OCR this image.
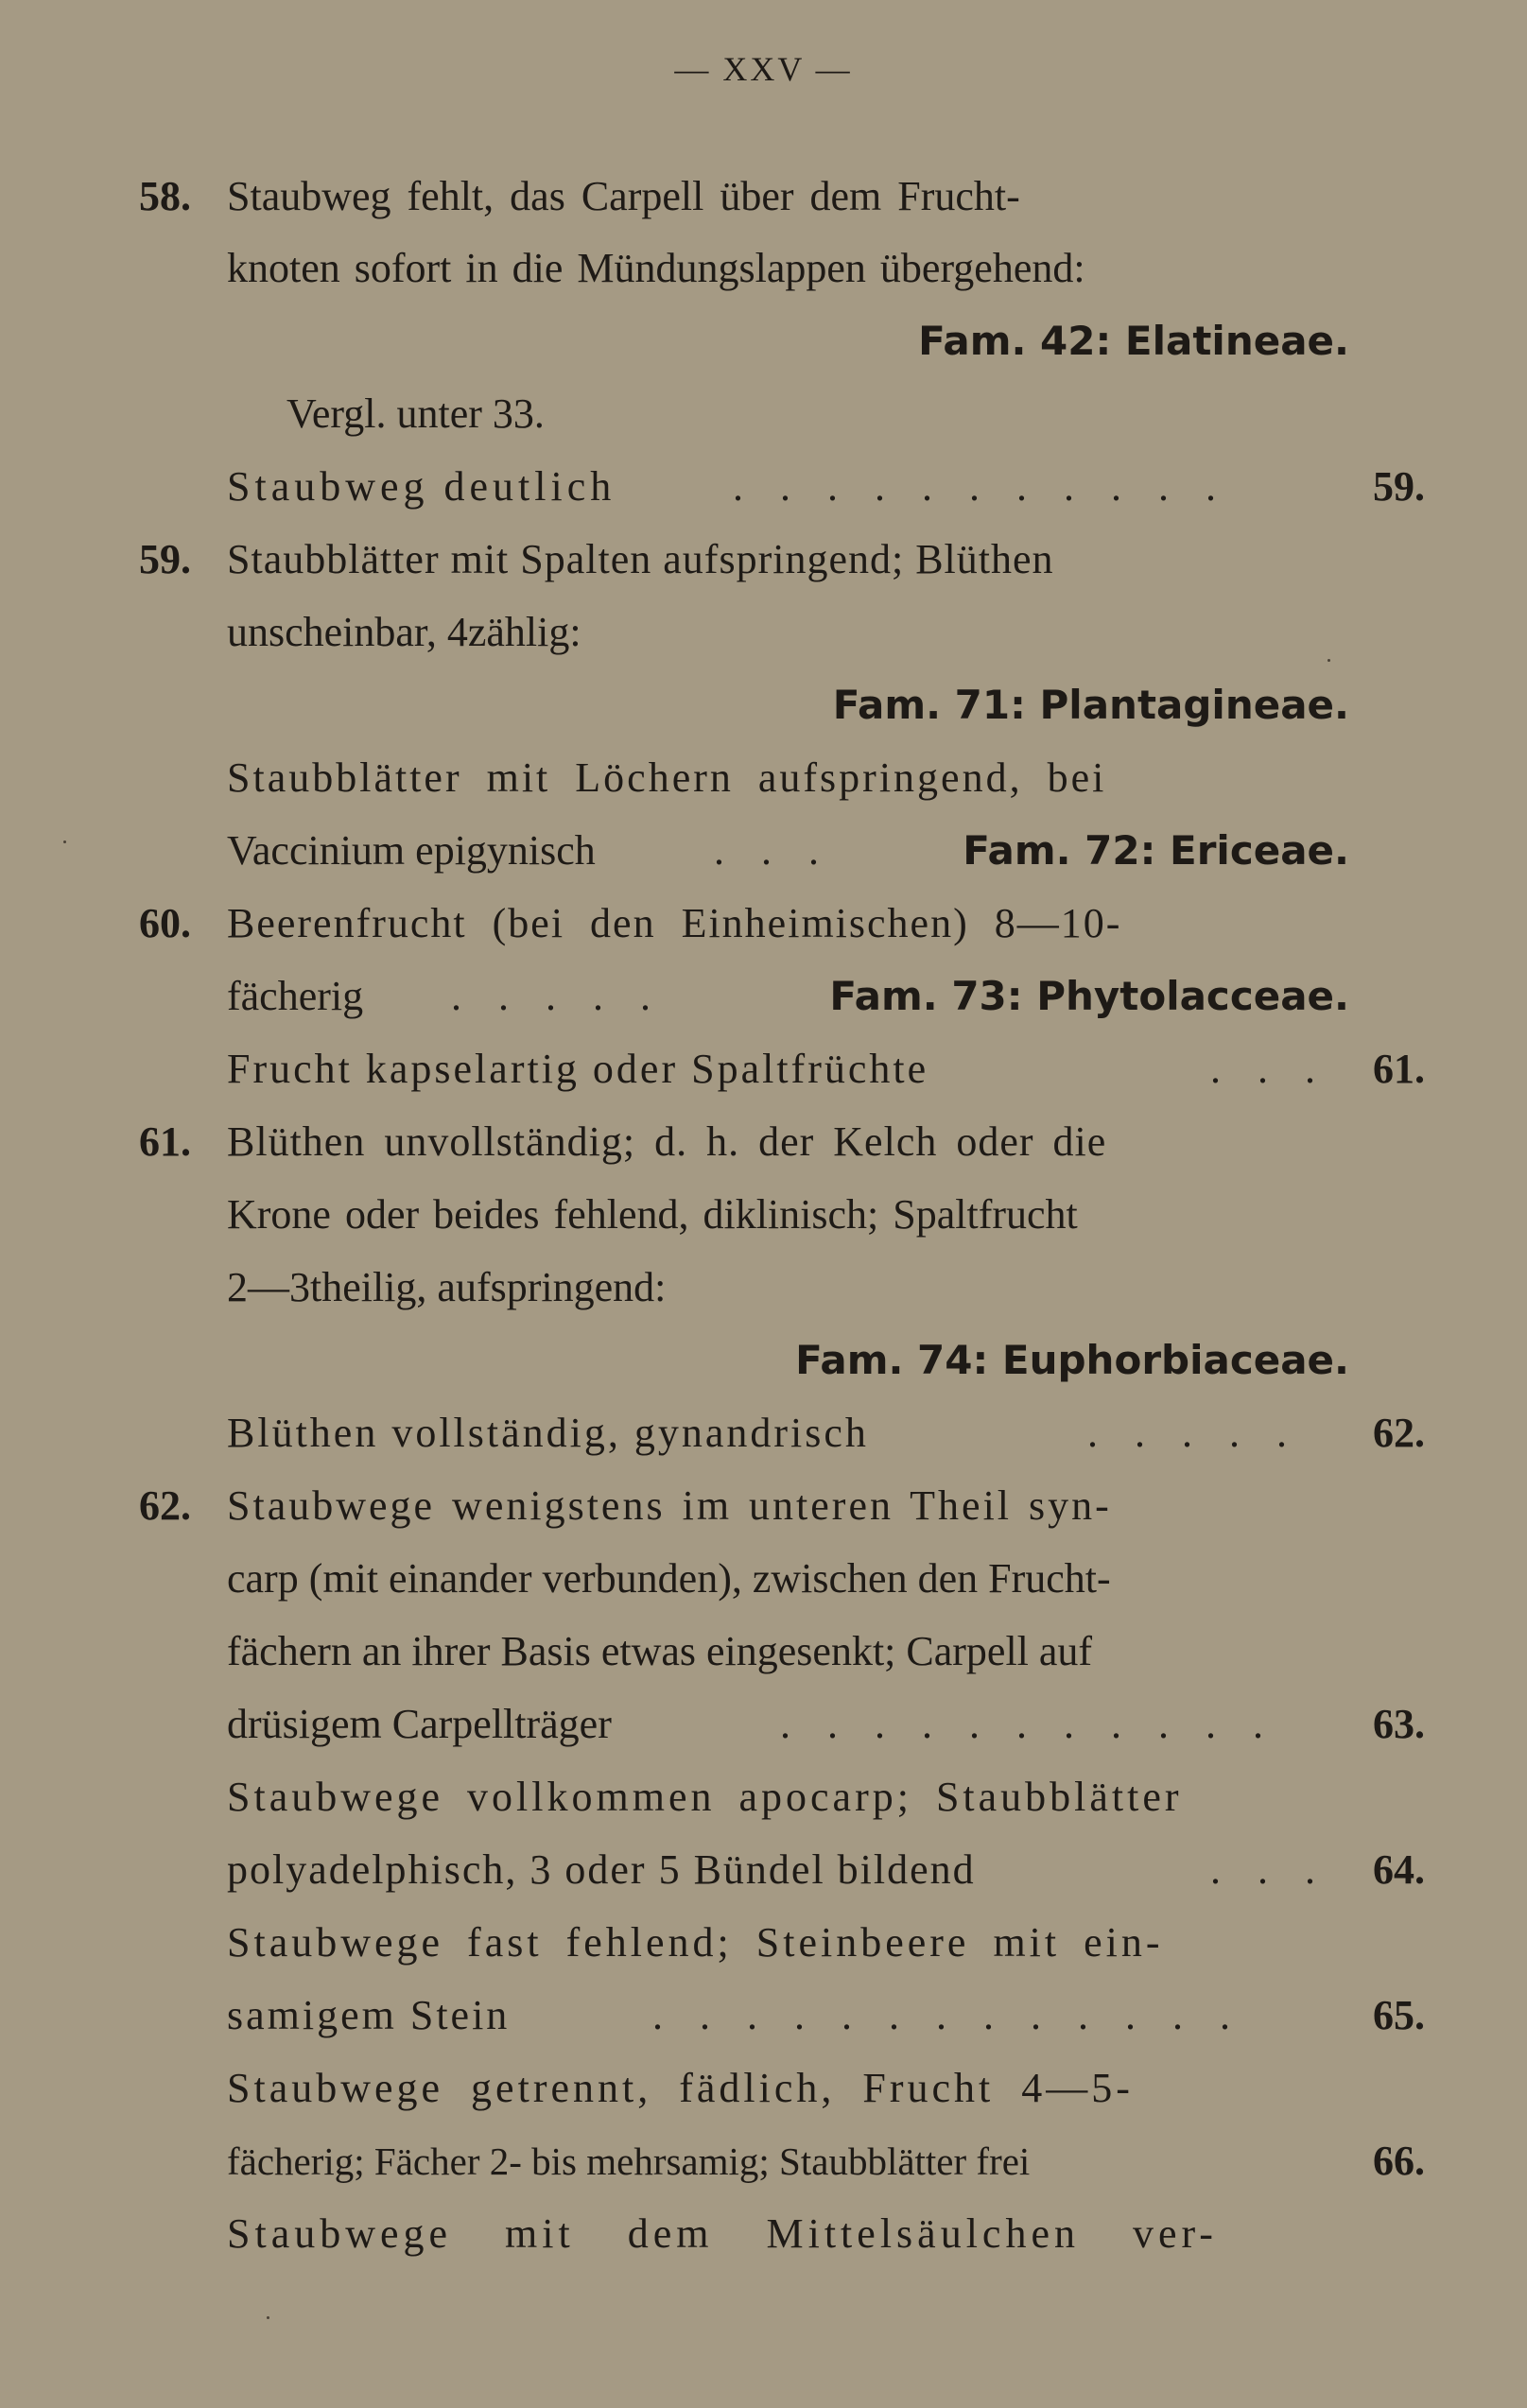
— XXV —
58. Staubweg fehlt, das Carpell über dem Frucht-
knoten sofort in die Mündungslappen übergehend:
Fam. 42: Elatineae.
Vergl. unter 33.
Staubweg deutlich	. . . . . . . . . . .	59.
59. Staubblätter mit Spalten aufspringend; Blüthen
unscheinbar, 4zählig:
Fam. 71: Plantagineae.
Staubblätter mit Löchern aufspringend, bei
Vaccinium epigynisch	. . .	Fam. 72: Ericeae.
60. Beerenfrucht (bei den Einheimischen) 8—10-
fächerig . . . . .	Fam. 73: Phytolacceae.
Frucht kapselartig oder Spaltfrüchte	. . . 61.
61. Blüthen unvollständig; d. h. der Kelch oder die
Krone oder beides fehlend, diklinisch; Spaltfrucht
2—3theilig, aufspringend:
Fam. 74: Euphorbiaceae.
Blüthen vollständig, gynandrisch	. . . . . 62.
62. Staubwege wenigstens im unteren Theil syn-
carp (mit einander verbunden), zwischen den Frucht-
fächern an ihrer Basis etwas eingesenkt; Carpell auf
drüsigem Carpellträger	. . . . . . . . . . . 63.
Staubwege vollkommen apocarp; Staubblätter
polyadelphisch, 3 oder 5 Bündel bildend	. . . 64.
Staubwege fast fehlend; Steinbeere mit ein-
samigem Stein	. . . . . . . . . . . . .	65.
Staubwege getrennt, fädlich, Frucht 4—5-
fächerig; Fächer 2- bis mehrsamig; Staubblätter frei	66.
Staubwege mit dem Mittelsäulchen ver-
